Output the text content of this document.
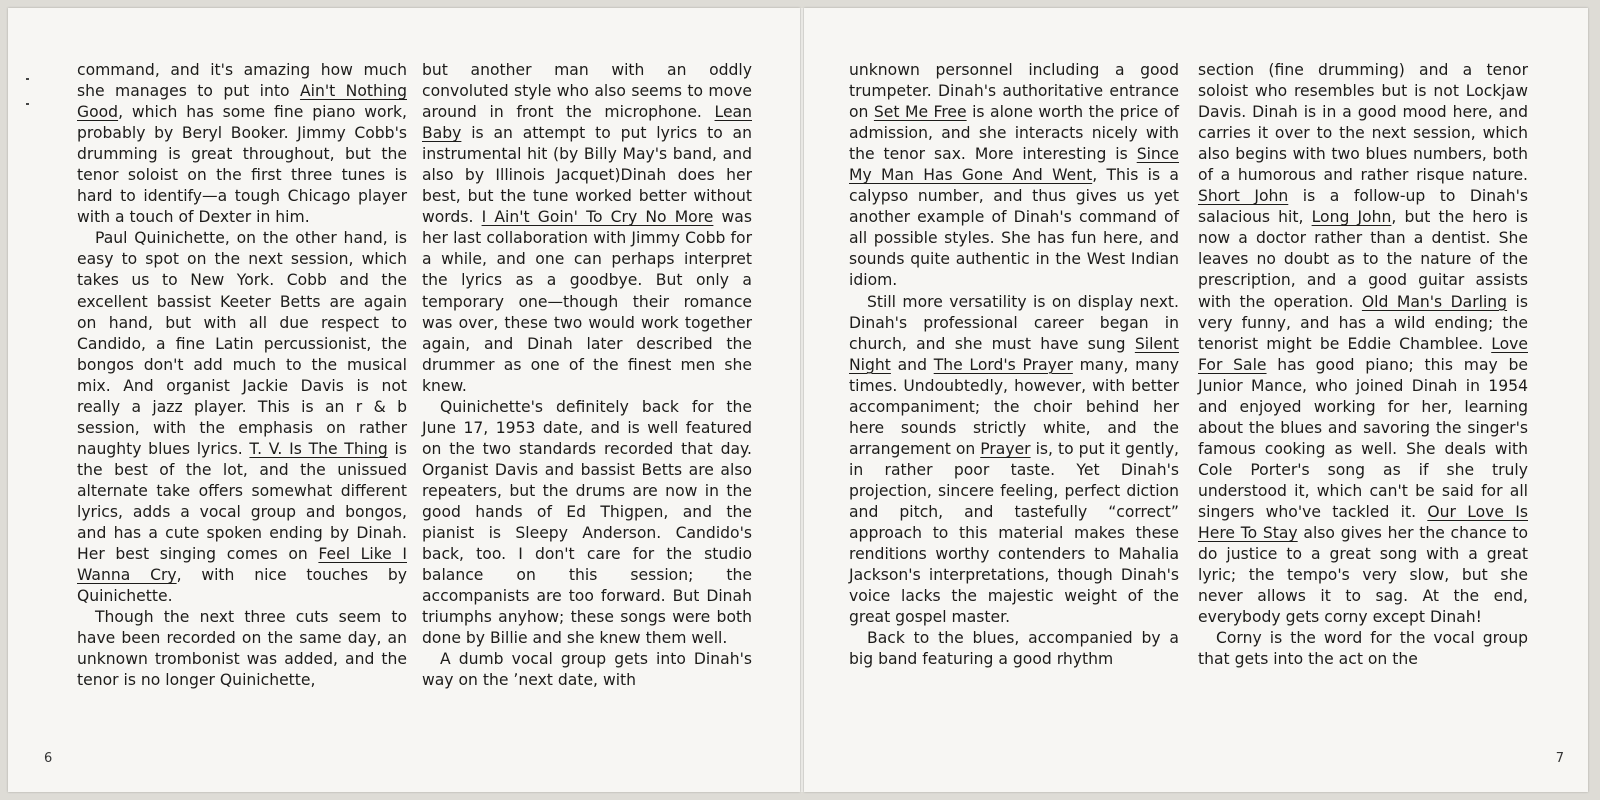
command, and it's amazing how much she manages to put into Ain't Nothing Good, which has some fine piano work, probably by Beryl Booker. Jimmy Cobb's drumming is great throughout, but the tenor soloist on the first three tunes is hard to identify—a tough Chicago player with a touch of Dexter in him.

Paul Quinichette, on the other hand, is easy to spot on the next session, which takes us to New York. Cobb and the excellent bassist Keeter Betts are again on hand, but with all due respect to Candido, a fine Latin percussionist, the bongos don't add much to the musical mix. And organist Jackie Davis is not really a jazz player. This is an r & b session, with the emphasis on rather naughty blues lyrics. T. V. Is The Thing is the best of the lot, and the unissued alternate take offers somewhat different lyrics, adds a vocal group and bongos, and has a cute spoken ending by Dinah. Her best singing comes on Feel Like I Wanna Cry, with nice touches by Quinichette.

Though the next three cuts seem to have been recorded on the same day, an unknown trombonist was added, and the tenor is no longer Quinichette,

but another man with an oddly convoluted style who also seems to move around in front the microphone. Lean Baby is an attempt to put lyrics to an instrumental hit (by Billy May's band, and also by Illinois Jacquet)Dinah does her best, but the tune worked better without words. I Ain't Goin' To Cry No More was her last collaboration with Jimmy Cobb for a while, and one can perhaps interpret the lyrics as a goodbye. But only a temporary one—though their romance was over, these two would work together again, and Dinah later described the drummer as one of the finest men she knew.

Quinichette's definitely back for the June 17, 1953 date, and is well featured on the two standards recorded that day. Organist Davis and bassist Betts are also repeaters, but the drums are now in the good hands of Ed Thigpen, and the pianist is Sleepy Anderson. Candido's back, too. I don't care for the studio balance on this session; the accompanists are too forward. But Dinah triumphs anyhow; these songs were both done by Billie and she knew them well.

A dumb vocal group gets into Dinah's way on the ʼnext date, with

6

unknown personnel including a good trumpeter. Dinah's authoritative entrance on Set Me Free is alone worth the price of admission, and she interacts nicely with the tenor sax. More interesting is Since My Man Has Gone And Went, This is a calypso number, and thus gives us yet another example of Dinah's command of all possible styles. She has fun here, and sounds quite authentic in the West Indian idiom.

Still more versatility is on display next. Dinah's professional career began in church, and she must have sung Silent Night and The Lord's Prayer many, many times. Undoubtedly, however, with better accompaniment; the choir behind her here sounds strictly white, and the arrangement on Prayer is, to put it gently, in rather poor taste. Yet Dinah's projection, sincere feeling, perfect diction and pitch, and tastefully “correct” approach to this material makes these renditions worthy contenders to Mahalia Jackson's interpretations, though Dinah's voice lacks the majestic weight of the great gospel master.

Back to the blues, accompanied by a big band featuring a good rhythm

section (fine drumming) and a tenor soloist who resembles but is not Lockjaw Davis. Dinah is in a good mood here, and carries it over to the next session, which also begins with two blues numbers, both of a humorous and rather risque nature. Short John is a follow-up to Dinah's salacious hit, Long John, but the hero is now a doctor rather than a dentist. She leaves no doubt as to the nature of the prescription, and a good guitar assists with the operation. Old Man's Darling is very funny, and has a wild ending; the tenorist might be Eddie Chamblee. Love For Sale has good piano; this may be Junior Mance, who joined Dinah in 1954 and enjoyed working for her, learning about the blues and savoring the singer's famous cooking as well. She deals with Cole Porter's song as if she truly understood it, which can't be said for all singers who've tackled it. Our Love Is Here To Stay also gives her the chance to do justice to a great song with a great lyric; the tempo's very slow, but she never allows it to sag. At the end, everybody gets corny except Dinah!

Corny is the word for the vocal group that gets into the act on the

7
